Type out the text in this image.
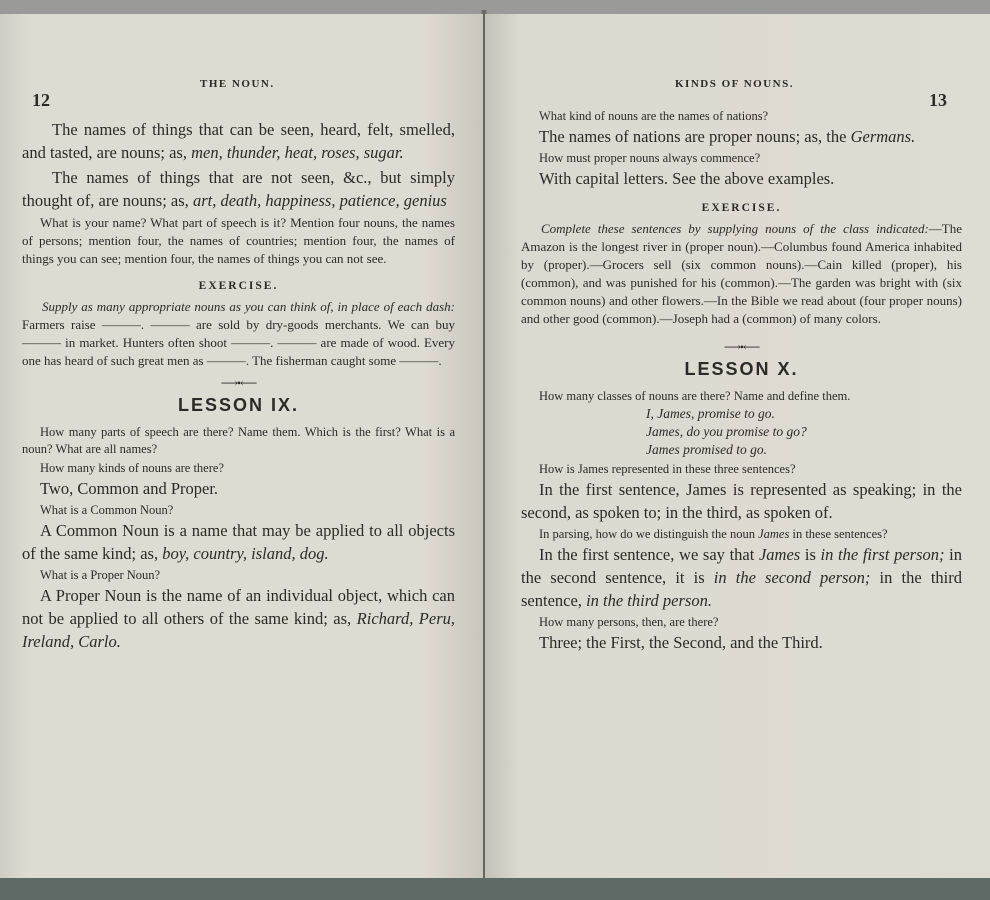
12
THE NOUN.

The names of things that can be seen, heard, felt, smelled, and tasted, are nouns; as, men, thunder, heat, roses, sugar.

The names of things that are not seen, &c., but simply thought of, are nouns; as, art, death, happiness, patience, genius

What is your name? What part of speech is it? Mention four nouns, the names of persons; mention four, the names of countries; mention four, the names of things you can see; mention four, the names of things you can not see.

EXERCISE.

Supply as many appropriate nouns as you can think of, in place of each dash: Farmers raise ———. ——— are sold by dry-goods merchants. We can buy ——— in market. Hunters often shoot ———. ——— are made of wood. Every one has heard of such great men as ———. The fisherman caught some ———.

⟶•⟵
LESSON IX.

How many parts of speech are there? Name them. Which is the first? What is a noun? What are all names?

How many kinds of nouns are there?

Two, Common and Proper.

What is a Common Noun?

A Common Noun is a name that may be applied to all objects of the same kind; as, boy, country, island, dog.

What is a Proper Noun?

A Proper Noun is the name of an individual object, which can not be applied to all others of the same kind; as, Richard, Peru, Ireland, Carlo.

KINDS OF NOUNS.
13

What kind of nouns are the names of nations?

The names of nations are proper nouns; as, the Germans.

How must proper nouns always commence?

With capital letters. See the above examples.

EXERCISE.

Complete these sentences by supplying nouns of the class indicated:—The Amazon is the longest river in (proper noun).—Columbus found America inhabited by (proper).—Grocers sell (six common nouns).—Cain killed (proper), his (common), and was punished for his (common).—The garden was bright with (six common nouns) and other flowers.—In the Bible we read about (four proper nouns) and other good (common).—Joseph had a (common) of many colors.

⟶•⟵
LESSON X.

How many classes of nouns are there? Name and define them.

I, James, promise to go.

James, do you promise to go?

James promised to go.

How is James represented in these three sentences?

In the first sentence, James is represented as speaking; in the second, as spoken to; in the third, as spoken of.

In parsing, how do we distinguish the noun James in these sentences?

In the first sentence, we say that James is in the first person; in the second sentence, it is in the second person; in the third sentence, in the third person.

How many persons, then, are there?

Three; the First, the Second, and the Third.
